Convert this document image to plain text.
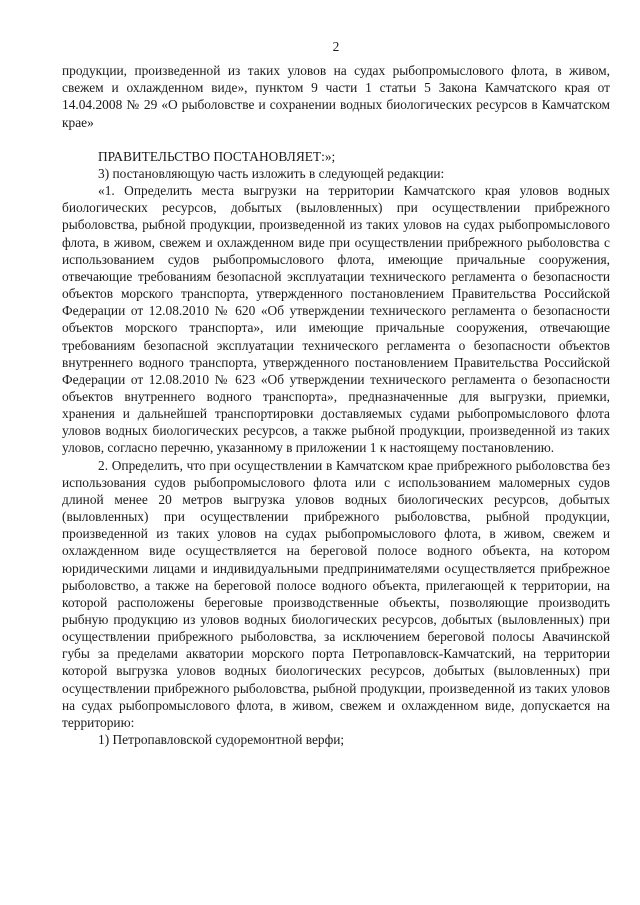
2

продукции, произведенной из таких уловов на судах рыбопромыслового флота, в живом, свежем и охлажденном виде», пунктом 9 части 1 статьи 5 Закона Камчатского края от 14.04.2008 № 29 «О рыболовстве и сохранении водных биологических ресурсов в Камчатском крае»

ПРАВИТЕЛЬСТВО ПОСТАНОВЛЯЕТ:»;

3) постановляющую часть изложить в следующей редакции:

«1. Определить места выгрузки на территории Камчатского края уловов водных биологических ресурсов, добытых (выловленных) при осуществлении прибрежного рыболовства, рыбной продукции, произведенной из таких уловов на судах рыбопромыслового флота, в живом, свежем и охлажденном виде при осуществлении прибрежного рыболовства с использованием судов рыбопромыслового флота, имеющие причальные сооружения, отвечающие требованиям безопасной эксплуатации технического регламента о безопасности объектов морского транспорта, утвержденного постановлением Правительства Российской Федерации от 12.08.2010 № 620 «Об утверждении технического регламента о безопасности объектов морского транспорта», или имеющие причальные сооружения, отвечающие требованиям безопасной эксплуатации технического регламента о безопасности объектов внутреннего водного транспорта, утвержденного постановлением Правительства Российской Федерации от 12.08.2010 № 623 «Об утверждении технического регламента о безопасности объектов внутреннего водного транспорта», предназначенные для выгрузки, приемки, хранения и дальнейшей транспортировки доставляемых судами рыбопромыслового флота уловов водных биологических ресурсов, а также рыбной продукции, произведенной из таких уловов, согласно перечню, указанному в приложении 1 к настоящему постановлению.

2. Определить, что при осуществлении в Камчатском крае прибрежного рыболовства без использования судов рыбопромыслового флота или с использованием маломерных судов длиной менее 20 метров выгрузка уловов водных биологических ресурсов, добытых (выловленных) при осуществлении прибрежного рыболовства, рыбной продукции, произведенной из таких уловов на судах рыбопромыслового флота, в живом, свежем и охлажденном виде осуществляется на береговой полосе водного объекта, на котором юридическими лицами и индивидуальными предпринимателями осуществляется прибрежное рыболовство, а также на береговой полосе водного объекта, прилегающей к территории, на которой расположены береговые производственные объекты, позволяющие производить рыбную продукцию из уловов водных биологических ресурсов, добытых (выловленных) при осуществлении прибрежного рыболовства, за исключением береговой полосы Авачинской губы за пределами акватории морского порта Петропавловск-Камчатский, на территории которой выгрузка уловов водных биологических ресурсов, добытых (выловленных) при осуществлении прибрежного рыболовства, рыбной продукции, произведенной из таких уловов на судах рыбопромыслового флота, в живом, свежем и охлажденном виде, допускается на территорию:

1) Петропавловской судоремонтной верфи;
